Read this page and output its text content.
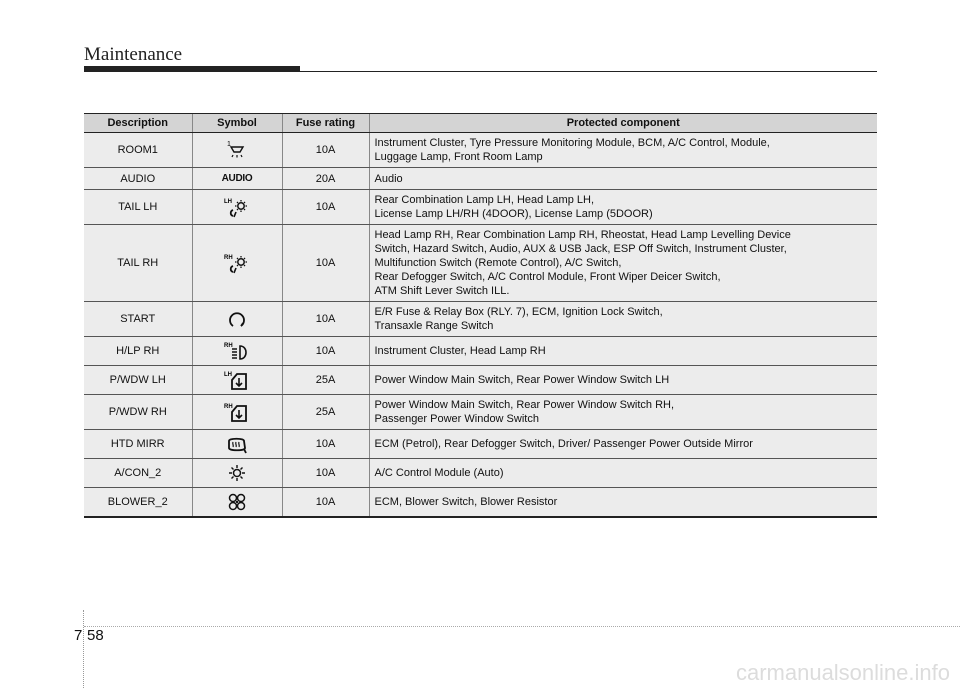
Maintenance
Description	Symbol	Fuse rating	Protected component
ROOM1	1	10A	Instrument Cluster, Tyre Pressure Monitoring Module, BCM, A/C Control, Module,
Luggage Lamp, Front Room Lamp

AUDIO	AUDIO	20A	Audio

TAIL LH	LH	10A	Rear Combination Lamp LH, Head Lamp LH,
License Lamp LH/RH (4DOOR), License Lamp (5DOOR)

TAIL RH	RH	10A	Head Lamp RH, Rear Combination Lamp RH, Rheostat, Head Lamp Levelling Device
Switch, Hazard Switch, Audio, AUX & USB Jack, ESP Off Switch, Instrument Cluster,
Multifunction Switch (Remote Control), A/C Switch,
Rear Defogger Switch, A/C Control Module, Front Wiper Deicer Switch,
ATM Shift Lever Switch ILL.

START		10A	E/R Fuse & Relay Box (RLY. 7), ECM, Ignition Lock Switch,
Transaxle Range Switch

H/LP RH	RH	10A	Instrument Cluster, Head Lamp RH

P/WDW LH	LH	25A	Power Window Main Switch, Rear Power Window Switch LH

P/WDW RH	RH	25A	Power Window Main Switch, Rear Power Window Switch RH,
Passenger Power Window Switch

HTD MIRR		10A	ECM (Petrol), Rear Defogger Switch, Driver/ Passenger Power Outside Mirror

A/CON_2		10A	A/C Control Module (Auto)

BLOWER_2		10A	ECM, Blower Switch, Blower Resistor
7 58
carmanualsonline.info
